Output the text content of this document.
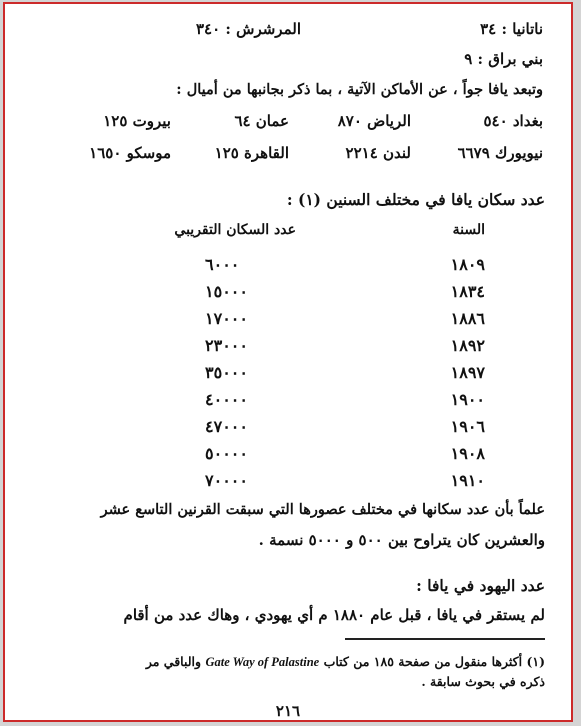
ناتانيا : ٣٤
المرشرش : ٣٤٠
بني براق : ٩
وتبعد يافا جواً ، عن الأماكن الآتية ، بما ذكر بجانبها من أميال :
بغداد ٥٤٠
الرياض ٨٧٠
عمان ٦٤
بيروت ١٢٥
نيويورك ٦٦٧٩
لندن ٢٢١٤
القاهرة ١٢٥
موسكو ١٦٥٠
عدد سكان يافا في مختلف السنين (١) :
السنة
عدد السكان التقريبي
١٨٠٩
٦٠٠٠
١٨٣٤
١٥٠٠٠
١٨٨٦
١٧٠٠٠
١٨٩٢
٢٣٠٠٠
١٨٩٧
٣٥٠٠٠
١٩٠٠
٤٠٠٠٠
١٩٠٦
٤٧٠٠٠
١٩٠٨
٥٠٠٠٠
١٩١٠
٧٠٠٠٠
علماً بأن عدد سكانها في مختلف عصورها التي سبقت القرنين التاسع عشر
والعشرين كان يتراوح بين ٥٠٠ و ٥٠٠٠ نسمة .
عدد اليهود في يافا :
لم يستقر في يافا ، قبل عام ١٨٨٠ م أي يهودي ، وهاك عدد من أقام
(١) أكثرها منقول من صفحة ١٨٥ من كتاب Gate Way of Palastine والباقي مر
ذكره في بحوث سابقة .
٢١٦
